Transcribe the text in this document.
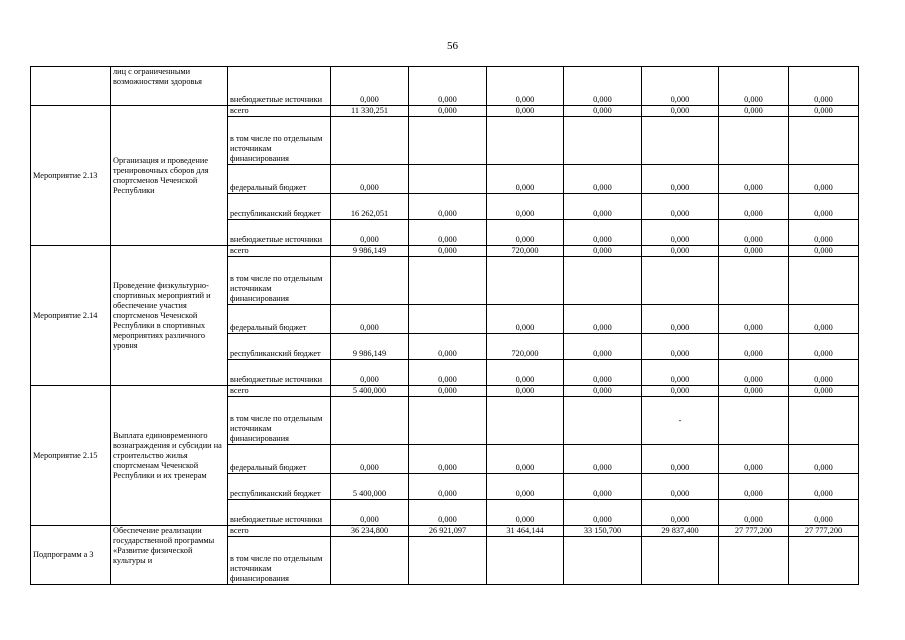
56
	лиц с ограниченными возможностями здоровья	внебюджетные источники	0,000	0,000	0,000	0,000	0,000	0,000	0,000
Мероприятие 2.13	Организация и проведение тренировочных сборов для спортсменов Чеченской Республики	всего	11 330,251	0,000	0,000	0,000	0,000	0,000	0,000
		в том числе по отдельным источникам финансирования							
		федеральный бюджет	0,000		0,000	0,000	0,000	0,000	0,000
		республиканский бюджет	16 262,051	0,000	0,000	0,000	0,000	0,000	0,000
		внебюджетные источники	0,000	0,000	0,000	0,000	0,000	0,000	0,000
Мероприятие 2.14	Проведение физкультурно-спортивных мероприятий и обеспечение участия спортсменов Чеченской Республики в спортивных мероприятиях различного уровня	всего	9 986,149	0,000	720,000	0,000	0,000	0,000	0,000
		в том числе по отдельным источникам финансирования							
		федеральный бюджет	0,000		0,000	0,000	0,000	0,000	0,000
		республиканский бюджет	9 986,149	0,000	720,000	0,000	0,000	0,000	0,000
		внебюджетные источники	0,000	0,000	0,000	0,000	0,000	0,000	0,000
Мероприятие 2.15	Выплата единовременного вознаграждения и субсидии на строительство жилья спортсменам Чеченской Республики и их тренерам	всего	5 400,000	0,000	0,000	0,000	0,000	0,000	0,000
		в том числе по отдельным источникам финансирования					-		
		федеральный бюджет	0,000	0,000	0,000	0,000	0,000	0,000	0,000
		республиканский бюджет	5 400,000	0,000	0,000	0,000	0,000	0,000	0,000
		внебюджетные источники	0,000	0,000	0,000	0,000	0,000	0,000	0,000
Подпрограмм а 3	Обеспечение реализации государственной программы «Развитие физической культуры и	всего	36 234,800	26 921,097	31 464,144	33 150,700	29 837,400	27 777,200	27 777,200
		в том числе по отдельным источникам финансирования							
